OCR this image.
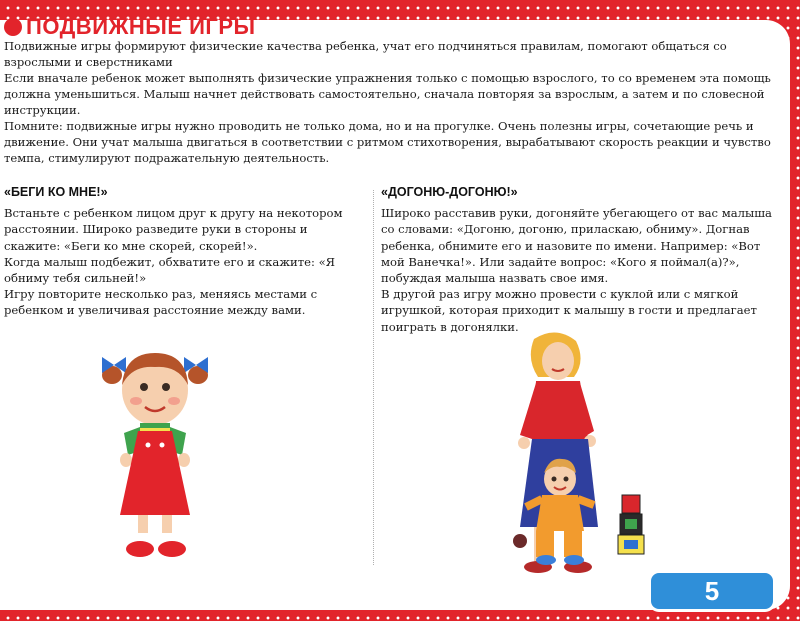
ПОДВИЖНЫЕ ИГРЫ

Подвижные игры формируют физические качества ребенка, учат его подчиняться правилам, помогают общаться со взрослыми и сверстниками

Если вначале ребенок может выполнять физические упражнения только с помощью взрослого, то со временем эта помощь должна уменьшиться. Малыш начнет действовать самостоятельно, сначала повторяя за взрослым, а затем и по словесной инструкции.

Помните: подвижные игры нужно проводить не только дома, но и на прогулке. Очень полезны игры, сочетающие речь и движение. Они учат малыша двигаться в соответствии с ритмом стихотворения, вырабатывают скорость реакции и чувство темпа, стимулируют подражательную деятельность.

«БЕГИ КО МНЕ!»

Встаньте с ребенком лицом друг к другу на некотором расстоянии. Широко разведите руки в стороны и скажите: «Беги ко мне скорей, скорей!».

Когда малыш подбежит, обхватите его и скажите: «Я обниму тебя сильней!»

Игру повторите несколько раз, меняясь местами с ребенком и увеличивая расстояние между вами.

«ДОГОНЮ-ДОГОНЮ!»

Широко расставив руки, догоняйте убегающего от вас малыша со словами: «Догоню, догоню, приласкаю, обниму». Догнав ребенка, обнимите его и назовите по имени. Например: «Вот мой Ванечка!». Или задайте вопрос: «Кого я поймал(а)?», побуждая малыша назвать свое имя.

В другой раз игру можно провести с куклой или с мягкой игрушкой, которая приходит к малышу в гости и предлагает поиграть в догонялки.

5
